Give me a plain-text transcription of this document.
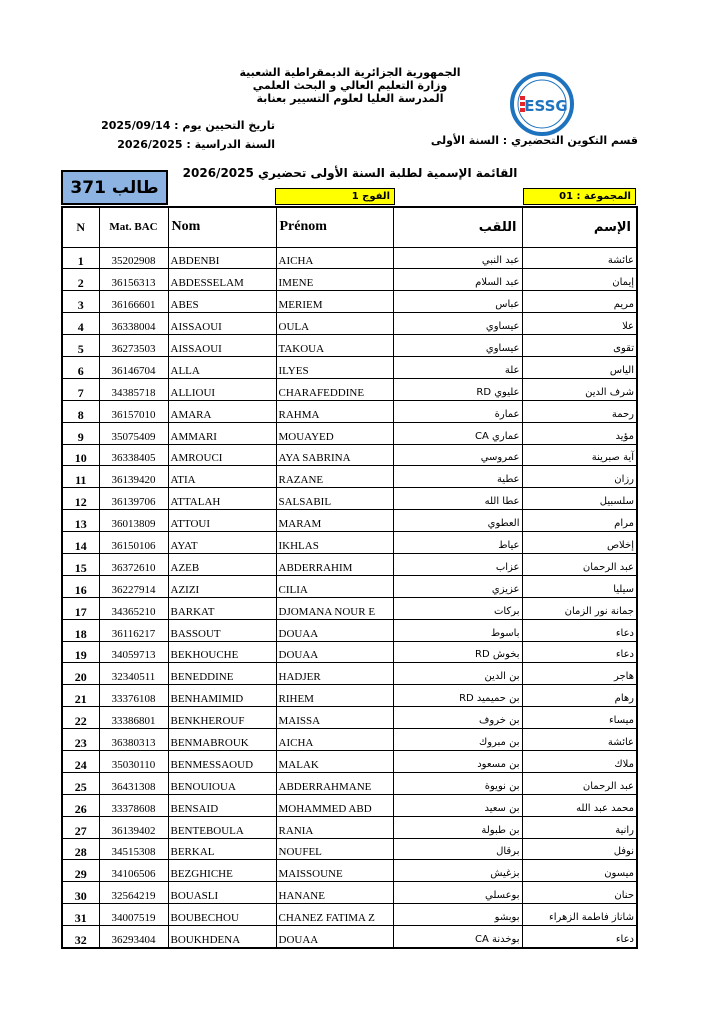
الجمهورية الجزائرية الديمقراطية الشعبية
وزارة التعليم العالي و البحث العلمي
المدرسة العليا لعلوم التسيير بعنابة	ESSG
تاريخ التحيين يوم : 2025/09/14
السنة الدراسية : 2026/2025	قسم التكوين التحضيري : السنة الأولى
القائمة الإسمية لطلبة السنة الأولى تحضيري 2026/2025
طالب 371	الفوج 1	المجموعة : 01
N	Mat. BAC	Nom	Prénom	اللقب	الإسم
1	35202908	ABDENBI	AICHA	عبد النبي	عائشة
2	36156313	ABDESSELAM	IMENE	عبد السلام	إيمان
3	36166601	ABES	MERIEM	عباس	مريم
4	36338004	AISSAOUI	OULA	عيساوي	علا
5	36273503	AISSAOUI	TAKOUA	عيساوي	تقوى
6	36146704	ALLA	ILYES	علة	الياس
7	34385718	ALLIOUI	CHARAFEDDINE	عليوي RD	شرف الدين
8	36157010	AMARA	RAHMA	عمارة	رحمة
9	35075409	AMMARI	MOUAYED	عماري CA	مؤيد
10	36338405	AMROUCI	AYA SABRINA	عمروسي	آية صبرينة
11	36139420	ATIA	RAZANE	عطية	رزان
12	36139706	ATTALAH	SALSABIL	عطا الله	سلسبيل
13	36013809	ATTOUI	MARAM	العطوي	مرام
14	36150106	AYAT	IKHLAS	عياط	إخلاص
15	36372610	AZEB	ABDERRAHIM	عزاب	عبد الرحمان
16	36227914	AZIZI	CILIA	عزيزي	سيليا
17	34365210	BARKAT	DJOMANA NOUR E	بركات	جمانة نور الزمان
18	36116217	BASSOUT	DOUAA	باسوط	دعاء
19	34059713	BEKHOUCHE	DOUAA	بخوش RD	دعاء
20	32340511	BENEDDINE	HADJER	بن الدين	هاجر
21	33376108	BENHAMIMID	RIHEM	بن حميميد RD	رهام
22	33386801	BENKHEROUF	MAISSA	بن خروف	ميساء
23	36380313	BENMABROUK	AICHA	بن مبروك	عائشة
24	35030110	BENMESSAOUD	MALAK	بن مسعود	ملاك
25	36431308	BENOUIOUA	ABDERRAHMANE	بن نويوة	عبد الرحمان
26	33378608	BENSAID	MOHAMMED ABD	بن سعيد	محمد عبد الله
27	36139402	BENTEBOULA	RANIA	بن طبولة	رانية
28	34515308	BERKAL	NOUFEL	برقال	نوفل
29	34106506	BEZGHICHE	MAISSOUNE	بزغيش	ميسون
30	32564219	BOUASLI	HANANE	بوعسلي	حنان
31	34007519	BOUBECHOU	CHANEZ FATIMA Z	بوبشو	شاناز فاطمة الزهراء
32	36293404	BOUKHDENA	DOUAA	بوخدنة CA	دعاء
